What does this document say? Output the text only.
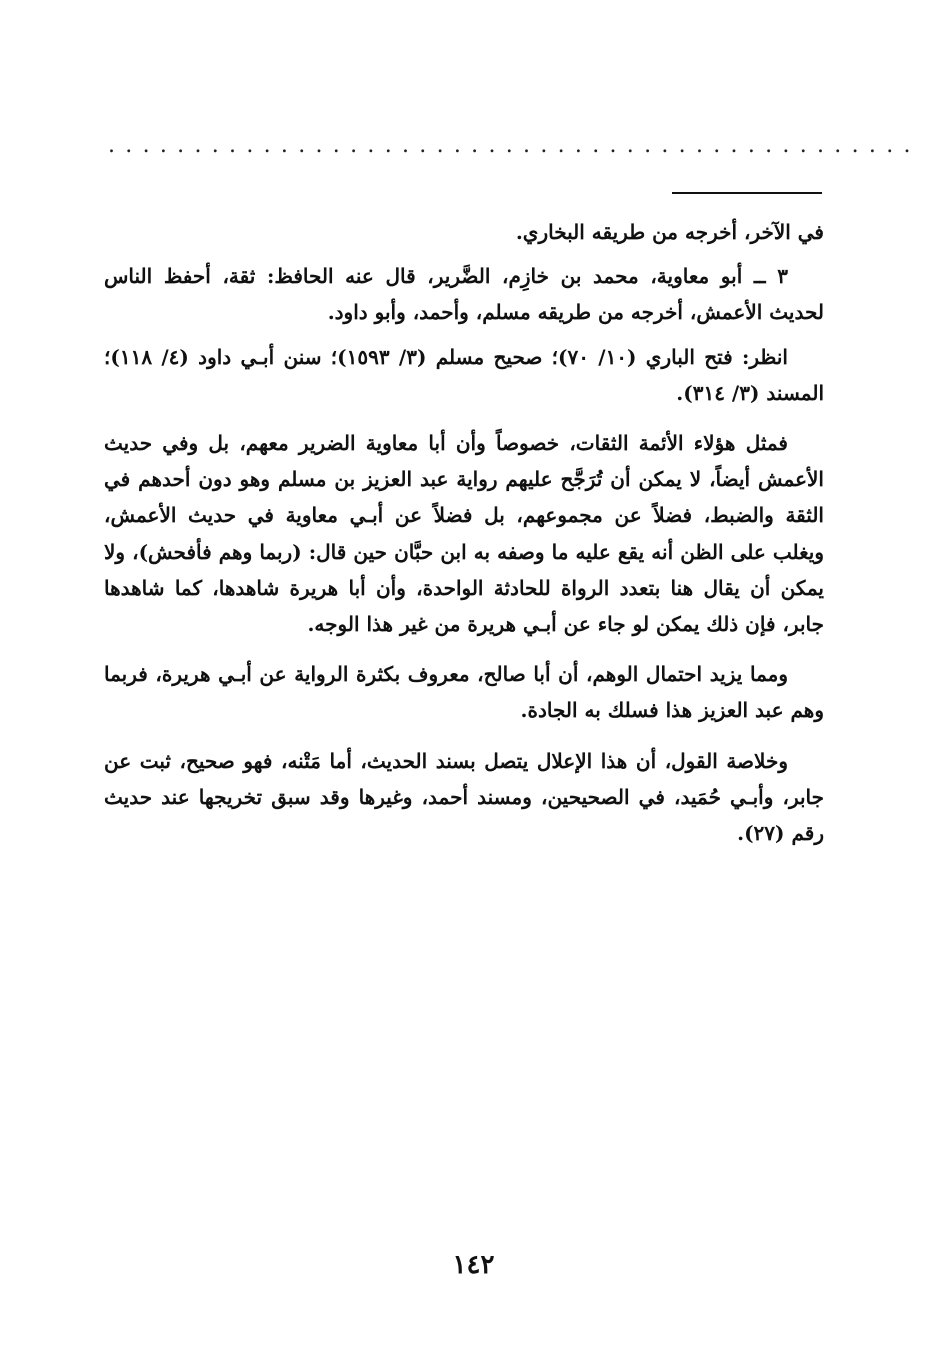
...............................................

في الآخر، أخرجه من طريقه البخاري.

٣ ــ أبو معاوية، محمد بن خازِم، الضَّرير، قال عنه الحافظ: ثقة، أحفظ الناس لحديث الأعمش، أخرجه من طريقه مسلم، وأحمد، وأبو داود.

انظر: فتح الباري (١٠/ ٧٠)؛ صحيح مسلم (٣/ ١٥٩٣)؛ سنن أبـي داود (٤/ ١١٨)؛ المسند (٣/ ٣١٤).

فمثل هؤلاء الأئمة الثقات، خصوصاً وأن أبا معاوية الضرير معهم، بل وفي حديث الأعمش أيضاً، لا يمكن أن تُرَجَّح عليهم رواية عبد العزيز بن مسلم وهو دون أحدهم في الثقة والضبط، فضلاً عن مجموعهم، بل فضلاً عن أبـي معاوية في حديث الأعمش، ويغلب على الظن أنه يقع عليه ما وصفه به ابن حبَّان حين قال: (ربما وهم فأفحش)، ولا يمكن أن يقال هنا بتعدد الرواة للحادثة الواحدة، وأن أبا هريرة شاهدها، كما شاهدها جابر، فإن ذلك يمكن لو جاء عن أبـي هريرة من غير هذا الوجه.

ومما يزيد احتمال الوهم، أن أبا صالح، معروف بكثرة الرواية عن أبـي هريرة، فربما وهم عبد العزيز هذا فسلك به الجادة.

وخلاصة القول، أن هذا الإعلال يتصل بسند الحديث، أما مَتْنه، فهو صحيح، ثبت عن جابر، وأبـي حُمَيد، في الصحيحين، ومسند أحمد، وغيرها وقد سبق تخريجها عند حديث رقم (٢٧).

١٤٢
